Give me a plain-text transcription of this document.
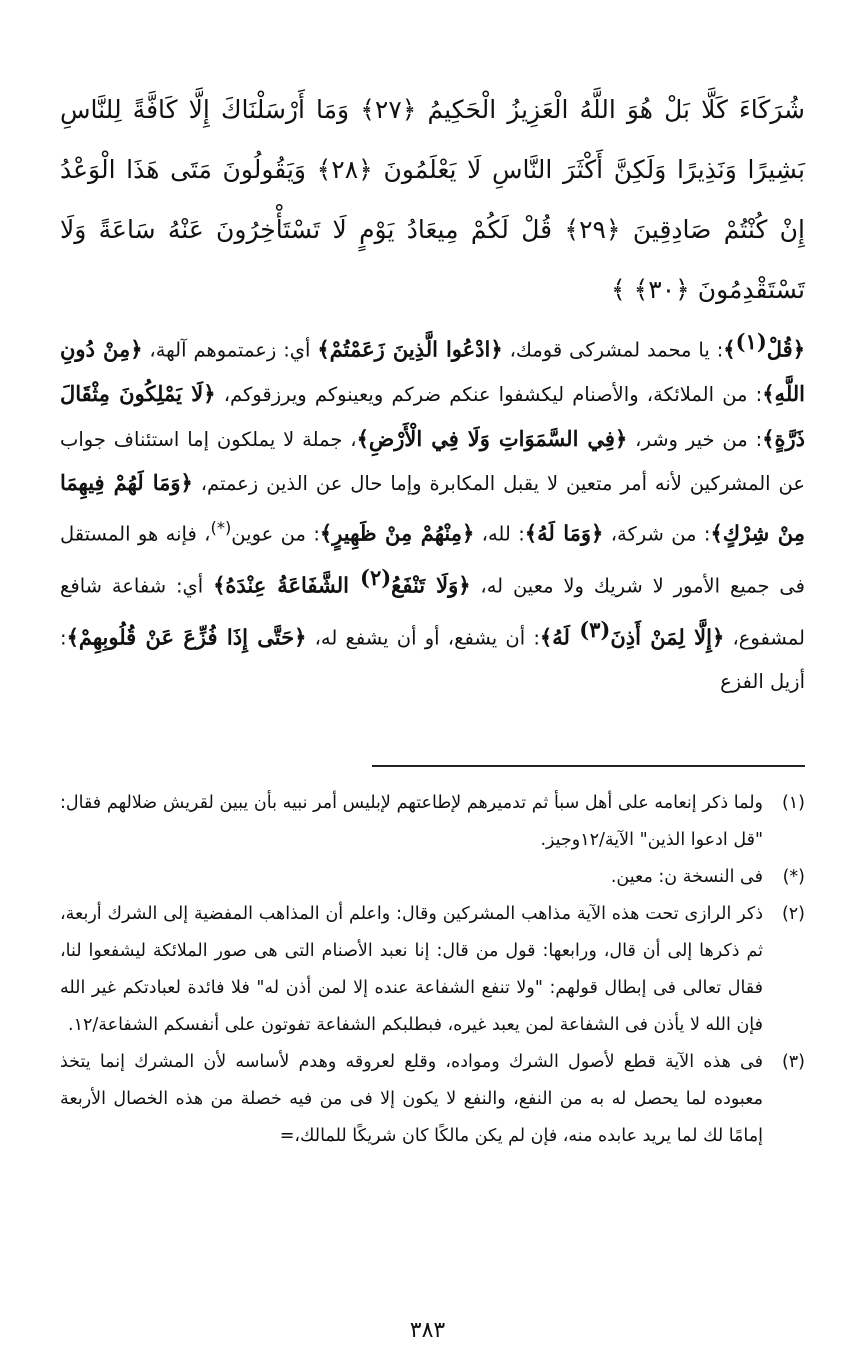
شُرَكَاءَ كَلَّا بَلْ هُوَ اللَّهُ الْعَزِيزُ الْحَكِيمُ ﴿٢٧﴾ وَمَا أَرْسَلْنَاكَ إِلَّا كَافَّةً لِلنَّاسِ بَشِيرًا وَنَذِيرًا وَلَكِنَّ أَكْثَرَ النَّاسِ لَا يَعْلَمُونَ ﴿٢٨﴾ وَيَقُولُونَ مَتَى هَذَا الْوَعْدُ إِنْ كُنْتُمْ صَادِقِينَ ﴿٢٩﴾ قُلْ لَكُمْ مِيعَادُ يَوْمٍ لَا تَسْتَأْخِرُونَ عَنْهُ سَاعَةً وَلَا تَسْتَقْدِمُونَ ﴿٣٠﴾ ﴾

﴿قُلْ$^{(١)}$﴾: يا محمد لمشركى قومك، ﴿ادْعُوا الَّذِينَ زَعَمْتُمْ﴾ أي: زعمتموهم آلهة، ﴿مِنْ دُونِ اللَّهِ﴾: من الملائكة، والأصنام ليكشفوا عنكم ضركم ويعينوكم ويرزقوكم، ﴿لَا يَمْلِكُونَ مِثْقَالَ ذَرَّةٍ﴾: من خير وشر، ﴿فِي السَّمَوَاتِ وَلَا فِي الْأَرْضِ﴾، جملة لا يملكون إما استئناف جواب عن المشركين لأنه أمر متعين لا يقبل المكابرة وإما حال عن الذين زعمتم، ﴿وَمَا لَهُمْ فِيهِمَا مِنْ شِرْكٍ﴾: من شركة، ﴿وَمَا لَهُ﴾: لله، ﴿مِنْهُمْ مِنْ ظَهِيرٍ﴾: من عوين(*)، فإنه هو المستقل فى جميع الأمور لا شريك ولا معين له، ﴿وَلَا تَنْفَعُ$^{(٢)}$ الشَّفَاعَةُ عِنْدَهُ﴾ أي: شفاعة شافع لمشفوع، ﴿إِلَّا لِمَنْ أَذِنَ$^{(٣)}$ لَهُ﴾: أن يشفع، أو أن يشفع له، ﴿حَتَّى إِذَا فُزِّعَ عَنْ قُلُوبِهِمْ﴾: أزيل الفزع

(١)
ولما ذكر إنعامه على أهل سبأ ثم تدميرهم لإطاعتهم لإبليس أمر نبيه بأن يبين لقريش ضلالهم فقال: "قل ادعوا الذين" الآية/١٢وجيز.
(*)
فى النسخة ن: معين.
(٢)
ذكر الرازى تحت هذه الآية مذاهب المشركين وقال: واعلم أن المذاهب المفضية إلى الشرك أربعة، ثم ذكرها إلى أن قال، ورابعها: قول من قال: إنا نعبد الأصنام التى هى صور الملائكة ليشفعوا لنا، فقال تعالى فى إبطال قولهم: "ولا تنفع الشفاعة عنده إلا لمن أذن له" فلا فائدة لعبادتكم غير الله فإن الله لا يأذن فى الشفاعة لمن يعبد غيره، فبطلبكم الشفاعة تفوتون على أنفسكم الشفاعة/١٢.
(٣)
فى هذه الآية قطع لأصول الشرك ومواده، وقلع لعروقه وهدم لأساسه لأن المشرك إنما يتخذ معبوده لما يحصل له به من النفع، والنفع لا يكون إلا فى من فيه خصلة من هذه الخصال الأربعة إمامًا لك لما يريد عابده منه، فإن لم يكن مالكًا كان شريكًا للمالك،=
٣٨٣
